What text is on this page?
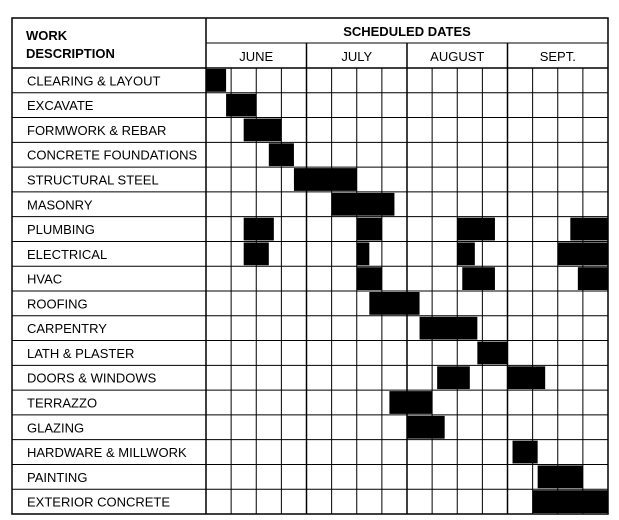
WORK
DESCRIPTION
SCHEDULED DATES
JUNE	JULY	AUGUST	SEPT.
CLEARING & LAYOUT
EXCAVATE
FORMWORK & REBAR
CONCRETE FOUNDATIONS
STRUCTURAL STEEL
MASONRY
PLUMBING
ELECTRICAL
HVAC
ROOFING
CARPENTRY
LATH & PLASTER
DOORS & WINDOWS
TERRAZZO
GLAZING
HARDWARE & MILLWORK
PAINTING
EXTERIOR CONCRETE
